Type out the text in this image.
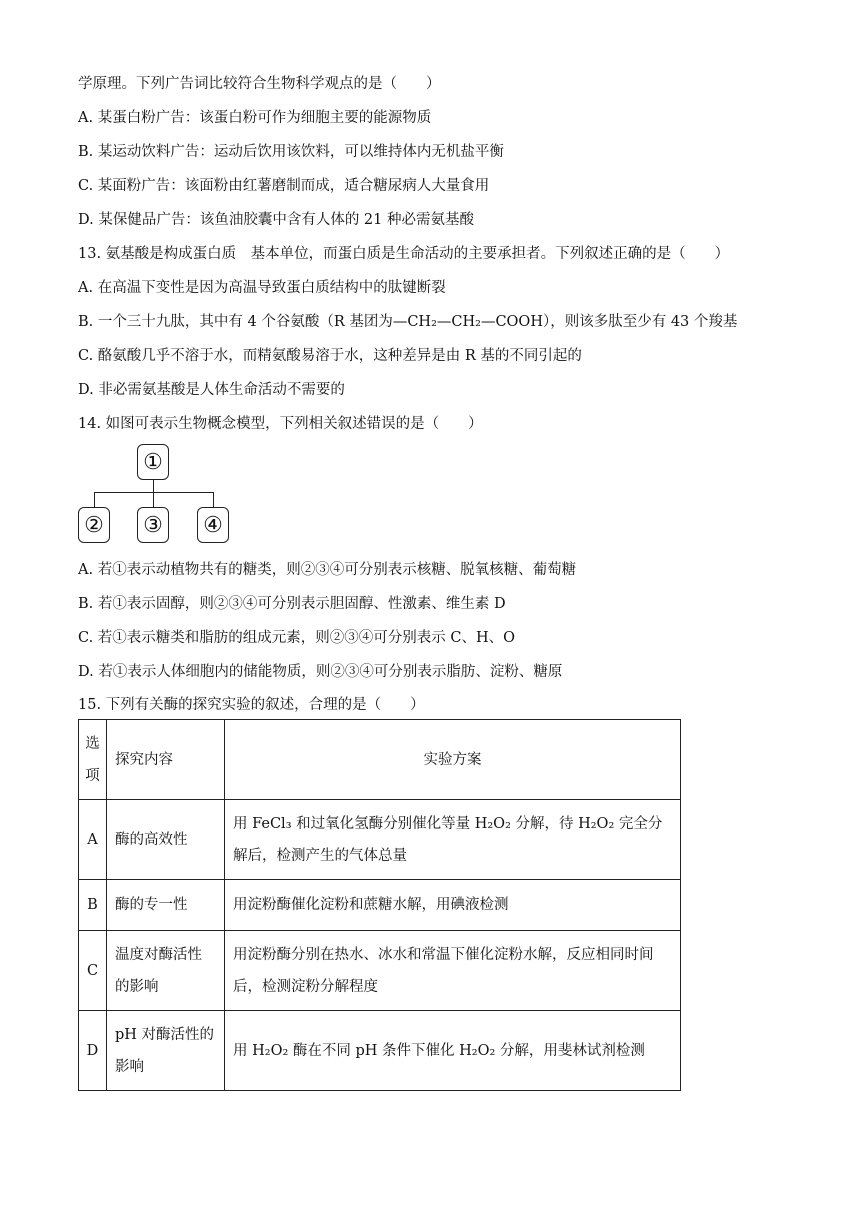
学原理。下列广告词比较符合生物科学观点的是（　　）
A. 某蛋白粉广告：该蛋白粉可作为细胞主要的能源物质
B. 某运动饮料广告：运动后饮用该饮料，可以维持体内无机盐平衡
C. 某面粉广告：该面粉由红薯磨制而成，适合糖尿病人大量食用
D. 某保健品广告：该鱼油胶囊中含有人体的 21 种必需氨基酸
13. 氨基酸是构成蛋白质　基本单位，而蛋白质是生命活动的主要承担者。下列叙述正确的是（　　）
A. 在高温下变性是因为高温导致蛋白质结构中的肽键断裂
B. 一个三十九肽，其中有 4 个谷氨酸（R 基团为—CH₂—CH₂—COOH），则该多肽至少有 43 个羧基
C. 酪氨酸几乎不溶于水，而精氨酸易溶于水，这种差异是由 R 基的不同引起的
D. 非必需氨基酸是人体生命活动不需要的
14. 如图可表示生物概念模型，下列相关叙述错误的是（　　）
①
② ③ ④
A. 若①表示动植物共有的糖类，则②③④可分别表示核糖、脱氧核糖、葡萄糖
B. 若①表示固醇，则②③④可分别表示胆固醇、性激素、维生素 D
C. 若①表示糖类和脂肪的组成元素，则②③④可分别表示 C、H、O
D. 若①表示人体细胞内的储能物质，则②③④可分别表示脂肪、淀粉、糖原
15. 下列有关酶的探究实验的叙述，合理的是（　　）
选
项	探究内容	实验方案
A	酶的高效性	用 FeCl₃ 和过氧化氢酶分别催化等量 H₂O₂ 分解，待 H₂O₂ 完全分解后，检测产生的气体总量
B	酶的专一性	用淀粉酶催化淀粉和蔗糖水解，用碘液检测
C	温度对酶活性的影响	用淀粉酶分别在热水、冰水和常温下催化淀粉水解，反应相同时间后，检测淀粉分解程度
D	pH 对酶活性的影响	用 H₂O₂ 酶在不同 pH 条件下催化 H₂O₂ 分解，用斐林试剂检测
